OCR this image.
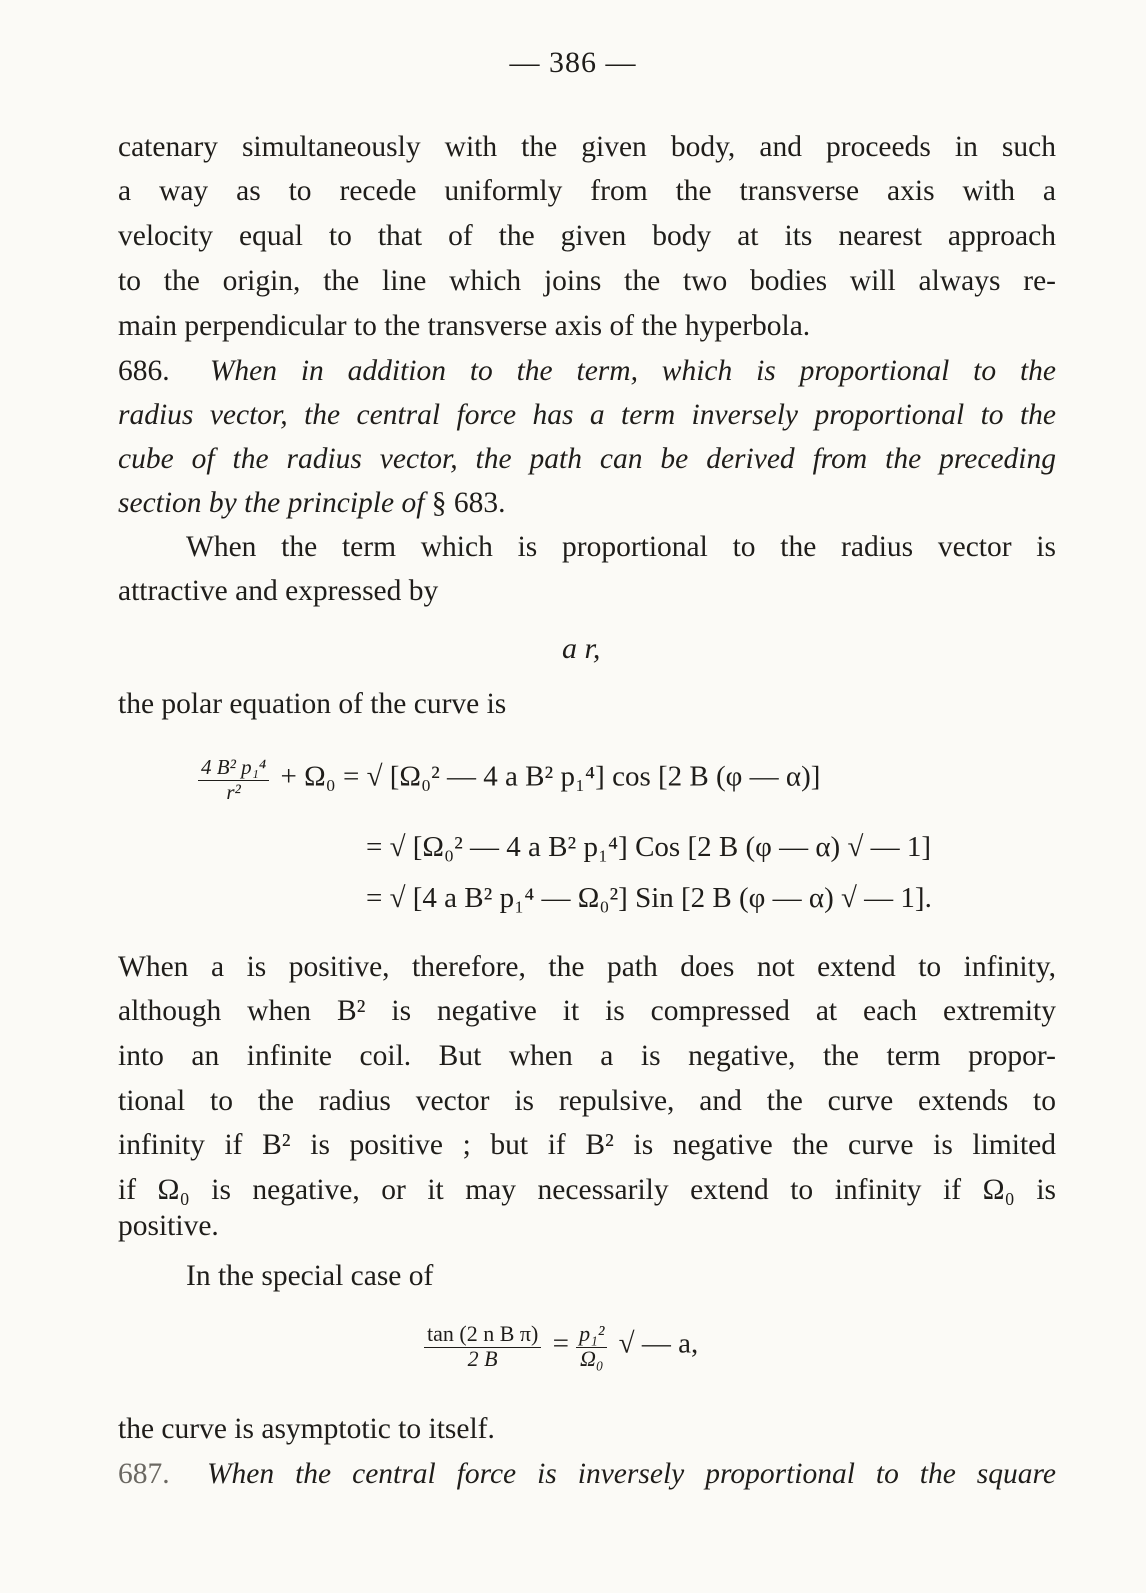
— 386 —
catenary simultaneously with the given body, and proceeds in such
a way as to recede uniformly from the transverse axis with a
velocity equal to that of the given body at its nearest approach
to the origin, the line which joins the two bodies will always re-
main perpendicular to the transverse axis of the hyperbola.
686. When in addition to the term, which is proportional to the
radius vector, the central force has a term inversely proportional to the
cube of the radius vector, the path can be derived from the preceding
section by the principle of § 683.
When the term which is proportional to the radius vector is
attractive and expressed by
a r,
the polar equation of the curve is
$\frac{\text{4 B² p₁⁴}}{\text{r²}} + \Omega_0$ = √ [Ω₀² — 4 a B² p₁⁴] cos [2 B (φ — α)]
= √ [Ω₀² — 4 a B² p₁⁴] Cos [2 B (φ — α) √ — 1]
= √ [4 a B² p₁⁴ — Ω₀²] Sin [2 B (φ — α) √ — 1].
When a is positive, therefore, the path does not extend to infinity,
although when B² is negative it is compressed at each extremity
into an infinite coil. But when a is negative, the term propor-
tional to the radius vector is repulsive, and the curve extends to
infinity if B² is positive ; but if B² is negative the curve is limited
if Ω₀ is negative, or it may necessarily extend to infinity if Ω₀ is
positive.
In the special case of
$\frac{\text{tan (2 n B π)}}{2 B} = \frac{\text{p₁²}}{\text{Ω₀}}$ √ — a,
the curve is asymptotic to itself.
687. When the central force is inversely proportional to the square
